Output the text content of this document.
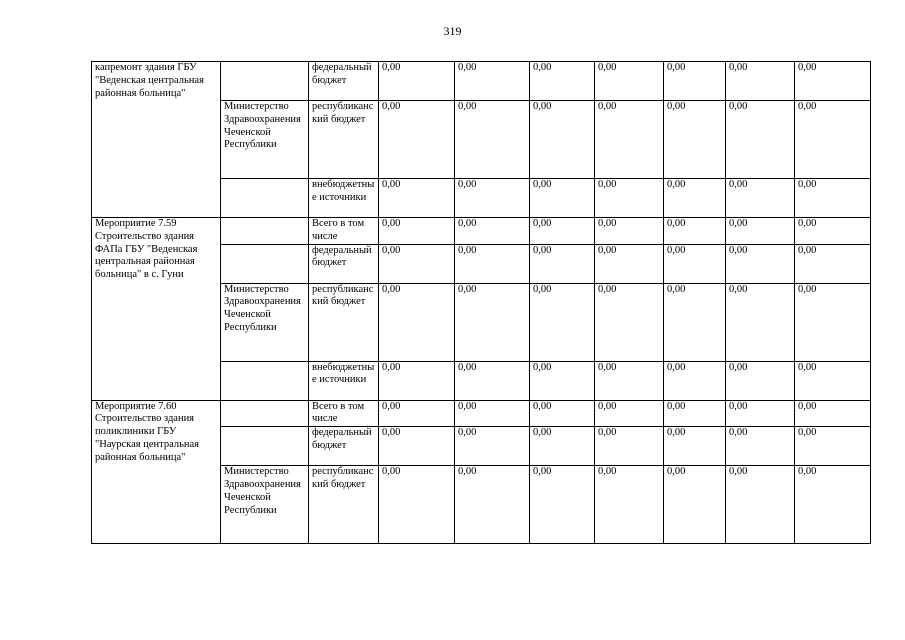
319
капремонт здания ГБУ "Веденская центральная районная больница"		федеральный бюджет	0,00	0,00	0,00	0,00	0,00	0,00	0,00
	Министерство Здравоохранения Чеченской Республики	республиканский бюджет	0,00	0,00	0,00	0,00	0,00	0,00	0,00
		внебюджетные источники	0,00	0,00	0,00	0,00	0,00	0,00	0,00
Мероприятие 7.59 Строительство здания ФАПа ГБУ "Веденская центральная районная больница" в с. Гуни		Всего в том числе	0,00	0,00	0,00	0,00	0,00	0,00	0,00
		федеральный бюджет	0,00	0,00	0,00	0,00	0,00	0,00	0,00
	Министерство Здравоохранения Чеченской Республики	республиканский бюджет	0,00	0,00	0,00	0,00	0,00	0,00	0,00
		внебюджетные источники	0,00	0,00	0,00	0,00	0,00	0,00	0,00
Мероприятие 7.60 Строительство здания поликлиники ГБУ "Наурская центральная районная больница"		Всего в том числе	0,00	0,00	0,00	0,00	0,00	0,00	0,00
		федеральный бюджет	0,00	0,00	0,00	0,00	0,00	0,00	0,00
	Министерство Здравоохранения Чеченской Республики	республиканский бюджет	0,00	0,00	0,00	0,00	0,00	0,00	0,00
